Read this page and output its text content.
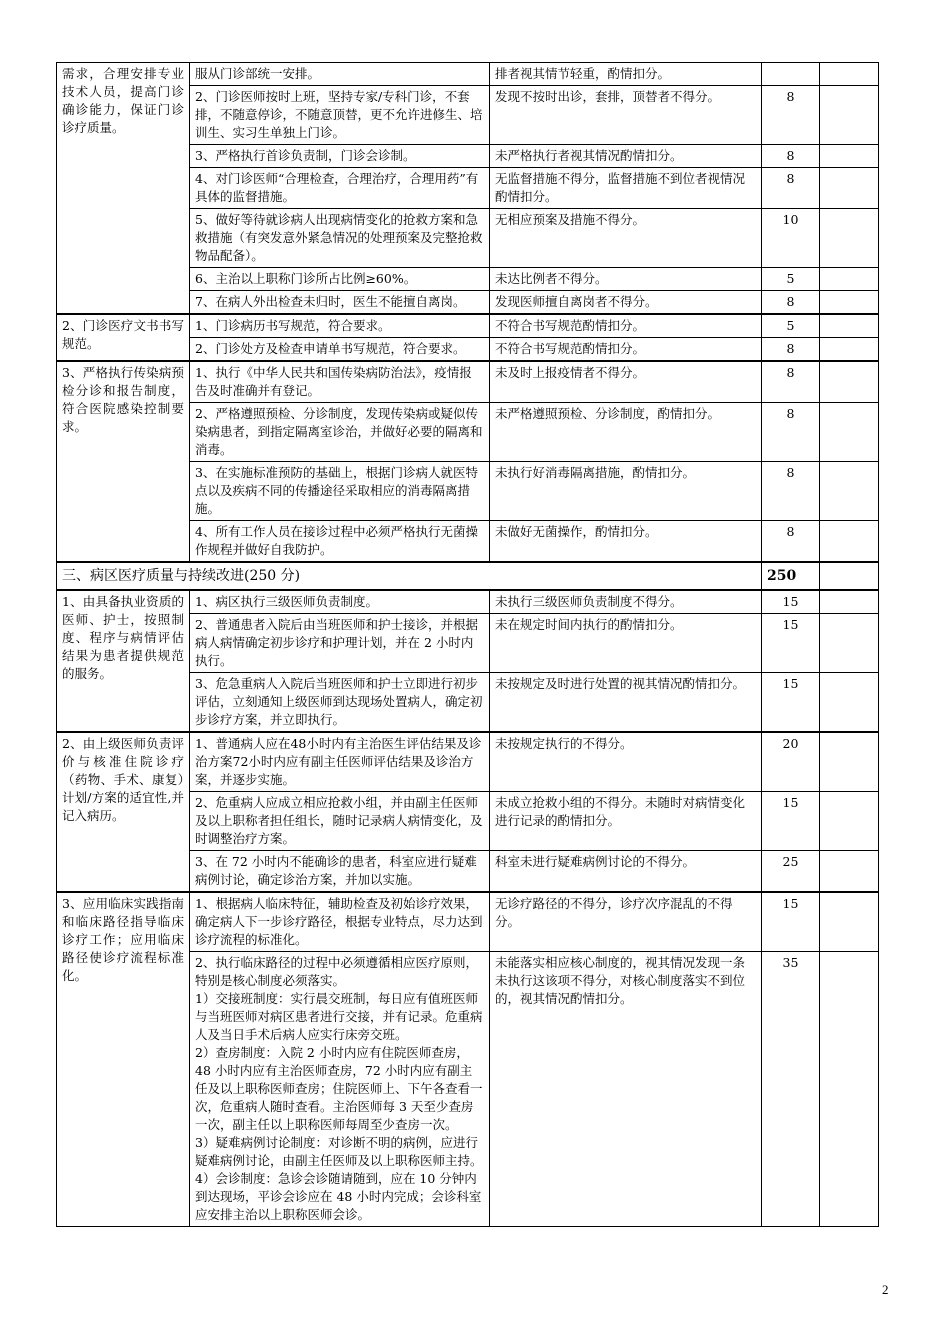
需求，合理安排专业技术人员，提高门诊确诊能力，保证门诊诊疗质量。	服从门诊部统一安排。	排者视其情节轻重，酌情扣分。		

	2、门诊医师按时上班，坚持专家/专科门诊，不套排，不随意停诊，不随意顶替，更不允许进修生、培训生、实习生单独上门诊。	发现不按时出诊，套排，顶替者不得分。	8	

	3、严格执行首诊负责制，门诊会诊制。	未严格执行者视其情况酌情扣分。	8	

	4、对门诊医师“合理检查，合理治疗，合理用药”有具体的监督措施。	无监督措施不得分，监督措施不到位者视情况酌情扣分。	8	

	5、做好等待就诊病人出现病情变化的抢救方案和急救措施（有突发意外紧急情况的处理预案及完整抢救物品配备）。	无相应预案及措施不得分。	10	

	6、主治以上职称门诊所占比例≥60%。	未达比例者不得分。	5	

	7、在病人外出检查未归时，医生不能擅自离岗。	发现医师擅自离岗者不得分。	8	
2、门诊医疗文书书写规范。	1、门诊病历书写规范，符合要求。	不符合书写规范酌情扣分。	5	

	2、门诊处方及检查申请单书写规范，符合要求。	不符合书写规范酌情扣分。	8	
3、严格执行传染病预检分诊和报告制度，符合医院感染控制要求。	1、执行《中华人民共和国传染病防治法》，疫情报告及时准确并有登记。	未及时上报疫情者不得分。	8	

	2、严格遵照预检、分诊制度，发现传染病或疑似传染病患者，到指定隔离室诊治，并做好必要的隔离和消毒。	未严格遵照预检、分诊制度，酌情扣分。	8	

	3、在实施标准预防的基础上，根据门诊病人就医特点以及疾病不同的传播途径采取相应的消毒隔离措施。	未执行好消毒隔离措施，酌情扣分。	8	

	4、所有工作人员在接诊过程中必须严格执行无菌操作规程并做好自我防护。	未做好无菌操作，酌情扣分。	8	
三、病区医疗质量与持续改进(250 分)			250	
1、由具备执业资质的医师、护士，按照制度、程序与病情评估结果为患者提供规范的服务。	1、病区执行三级医师负责制度。	未执行三级医师负责制度不得分。	15	

	2、普通患者入院后由当班医师和护士接诊，并根据病人病情确定初步诊疗和护理计划，并在 2 小时内执行。	未在规定时间内执行的酌情扣分。	15	

	3、危急重病人入院后当班医师和护士立即进行初步评估，立刻通知上级医师到达现场处置病人，确定初步诊疗方案，并立即执行。	未按规定及时进行处置的视其情况酌情扣分。	15	
2、由上级医师负责评价与核准住院诊疗（药物、手术、康复）计划/方案的适宜性,并记入病历。	1、普通病人应在48小时内有主治医生评估结果及诊治方案72小时内应有副主任医师评估结果及诊治方案，并逐步实施。	未按规定执行的不得分。	20	

	2、危重病人应成立相应抢救小组，并由副主任医师及以上职称者担任组长，随时记录病人病情变化，及时调整治疗方案。	未成立抢救小组的不得分。未随时对病情变化进行记录的酌情扣分。	15	

	3、在 72 小时内不能确诊的患者，科室应进行疑难病例讨论，确定诊治方案，并加以实施。	科室未进行疑难病例讨论的不得分。	25	
3、应用临床实践指南和临床路径指导临床诊疗工作；应用临床路径使诊疗流程标准化。	1、根据病人临床特征，辅助检查及初始诊疗效果，确定病人下一步诊疗路径，根据专业特点，尽力达到诊疗流程的标准化。	无诊疗路径的不得分，诊疗次序混乱的不得分。	15	

	2、执行临床路径的过程中必须遵循相应医疗原则，特别是核心制度必须落实。
1）交接班制度：实行晨交班制，每日应有值班医师与当班医师对病区患者进行交接，并有记录。危重病人及当日手术后病人应实行床旁交班。
2）查房制度：入院 2 小时内应有住院医师查房，48 小时内应有主治医师查房，72 小时内应有副主任及以上职称医师查房；住院医师上、下午各查看一次，危重病人随时查看。主治医师每 3 天至少查房一次，副主任以上职称医师每周至少查房一次。
3）疑难病例讨论制度：对诊断不明的病例，应进行疑难病例讨论，由副主任医师及以上职称医师主持。
4）会诊制度：急诊会诊随请随到，应在 10 分钟内到达现场，平诊会诊应在 48 小时内完成；会诊科室应安排主治以上职称医师会诊。	未能落实相应核心制度的，视其情况发现一条未执行这该项不得分，对核心制度落实不到位的，视其情况酌情扣分。	35	
2
